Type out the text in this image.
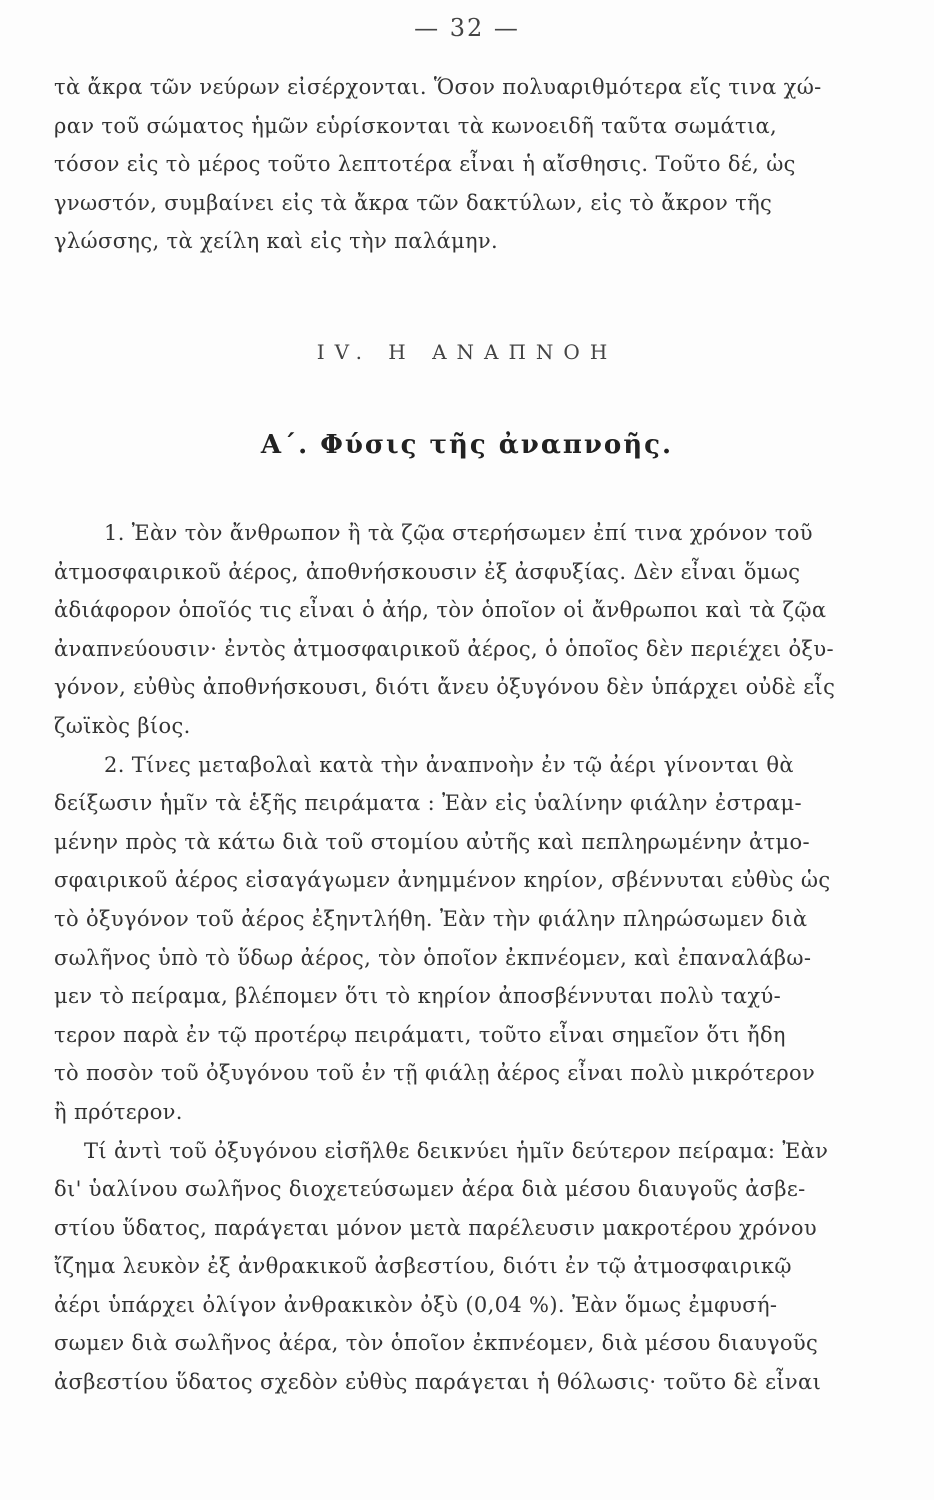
— 32 —
τὰ ἄκρα τῶν νεύρων εἰσέρχονται. Ὅσον πολυαριθμότερα εἴς τινα χώ-
ραν τοῦ σώματος ἡμῶν εὑρίσκονται τὰ κωνοειδῆ ταῦτα σωμάτια,
τόσον εἰς τὸ μέρος τοῦτο λεπτοτέρα εἶναι ἡ αἴσθησις. Τοῦτο δέ, ὡς
γνωστόν, συμβαίνει εἰς τὰ ἄκρα τῶν δακτύλων, εἰς τὸ ἄκρον τῆς
γλώσσης, τὰ χείλη καὶ εἰς τὴν παλάμην.
IV. Η ΑΝΑΠΝΟΗ
Α΄. Φύσις τῆς ἀναπνοῆς.
1. Ἐὰν τὸν ἄνθρωπον ἢ τὰ ζῷα στερήσωμεν ἐπί τινα χρόνον τοῦ
ἀτμοσφαιρικοῦ ἀέρος, ἀποθνήσκουσιν ἐξ ἀσφυξίας. Δὲν εἶναι ὅμως
ἀδιάφορον ὁποῖός τις εἶναι ὁ ἀήρ, τὸν ὁποῖον οἱ ἄνθρωποι καὶ τὰ ζῷα
ἀναπνεύουσιν· ἐντὸς ἀτμοσφαιρικοῦ ἀέρος, ὁ ὁποῖος δὲν περιέχει ὀξυ-
γόνον, εὐθὺς ἀποθνήσκουσι, διότι ἄνευ ὀξυγόνου δὲν ὑπάρχει οὐδὲ εἷς
ζωϊκὸς βίος.
2. Τίνες μεταβολαὶ κατὰ τὴν ἀναπνοὴν ἐν τῷ ἀέρι γίνονται θὰ
δείξωσιν ἡμῖν τὰ ἑξῆς πειράματα : Ἐὰν εἰς ὑαλίνην φιάλην ἐστραμ-
μένην πρὸς τὰ κάτω διὰ τοῦ στομίου αὐτῆς καὶ πεπληρωμένην ἀτμο-
σφαιρικοῦ ἀέρος εἰσαγάγωμεν ἀνημμένον κηρίον, σβέννυται εὐθὺς ὡς
τὸ ὀξυγόνον τοῦ ἀέρος ἐξηντλήθη. Ἐὰν τὴν φιάλην πληρώσωμεν διὰ
σωλῆνος ὑπὸ τὸ ὕδωρ ἀέρος, τὸν ὁποῖον ἐκπνέομεν, καὶ ἐπαναλάβω-
μεν τὸ πείραμα, βλέπομεν ὅτι τὸ κηρίον ἀποσβέννυται πολὺ ταχύ-
τερον παρὰ ἐν τῷ προτέρῳ πειράματι, τοῦτο εἶναι σημεῖον ὅτι ἤδη
τὸ ποσὸν τοῦ ὀξυγόνου τοῦ ἐν τῇ φιάλῃ ἀέρος εἶναι πολὺ μικρότερον
ἢ πρότερον.
Τί ἀντὶ τοῦ ὀξυγόνου εἰσῆλθε δεικνύει ἡμῖν δεύτερον πείραμα: Ἐὰν
δι' ὑαλίνου σωλῆνος διοχετεύσωμεν ἀέρα διὰ μέσου διαυγοῦς ἀσβε-
στίου ὕδατος, παράγεται μόνον μετὰ παρέλευσιν μακροτέρου χρόνου
ἴζημα λευκὸν ἐξ ἀνθρακικοῦ ἀσβεστίου, διότι ἐν τῷ ἀτμοσφαιρικῷ
ἀέρι ὑπάρχει ὀλίγον ἀνθρακικὸν ὀξὺ (0,04 %). Ἐὰν ὅμως ἐμφυσή-
σωμεν διὰ σωλῆνος ἀέρα, τὸν ὁποῖον ἐκπνέομεν, διὰ μέσου διαυγοῦς
ἀσβεστίου ὕδατος σχεδὸν εὐθὺς παράγεται ἡ θόλωσις· τοῦτο δὲ εἶναι
